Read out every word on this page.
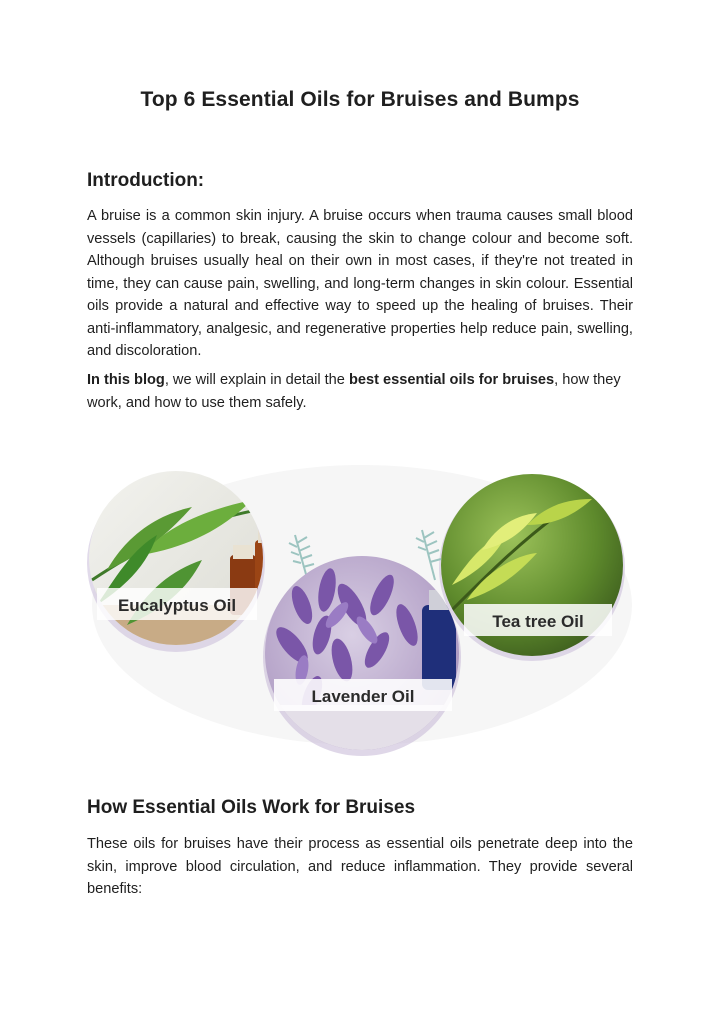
Top 6 Essential Oils for Bruises and Bumps
Introduction:

A bruise is a common skin injury. A bruise occurs when trauma causes small blood vessels (capillaries) to break, causing the skin to change colour and become soft. Although bruises usually heal on their own in most cases, if they're not treated in time, they can cause pain, swelling, and long-term changes in skin colour. Essential oils provide a natural and effective way to speed up the healing of bruises. Their anti-inflammatory, analgesic, and regenerative properties help reduce pain, swelling, and discoloration.

In this blog, we will explain in detail the best essential oils for bruises, how they work, and how to use them safely.

Eucalyptus Oil
Tea tree Oil
Lavender Oil
How Essential Oils Work for Bruises

These oils for bruises have their process as essential oils penetrate deep into the skin, improve blood circulation, and reduce inflammation. They provide several benefits:
